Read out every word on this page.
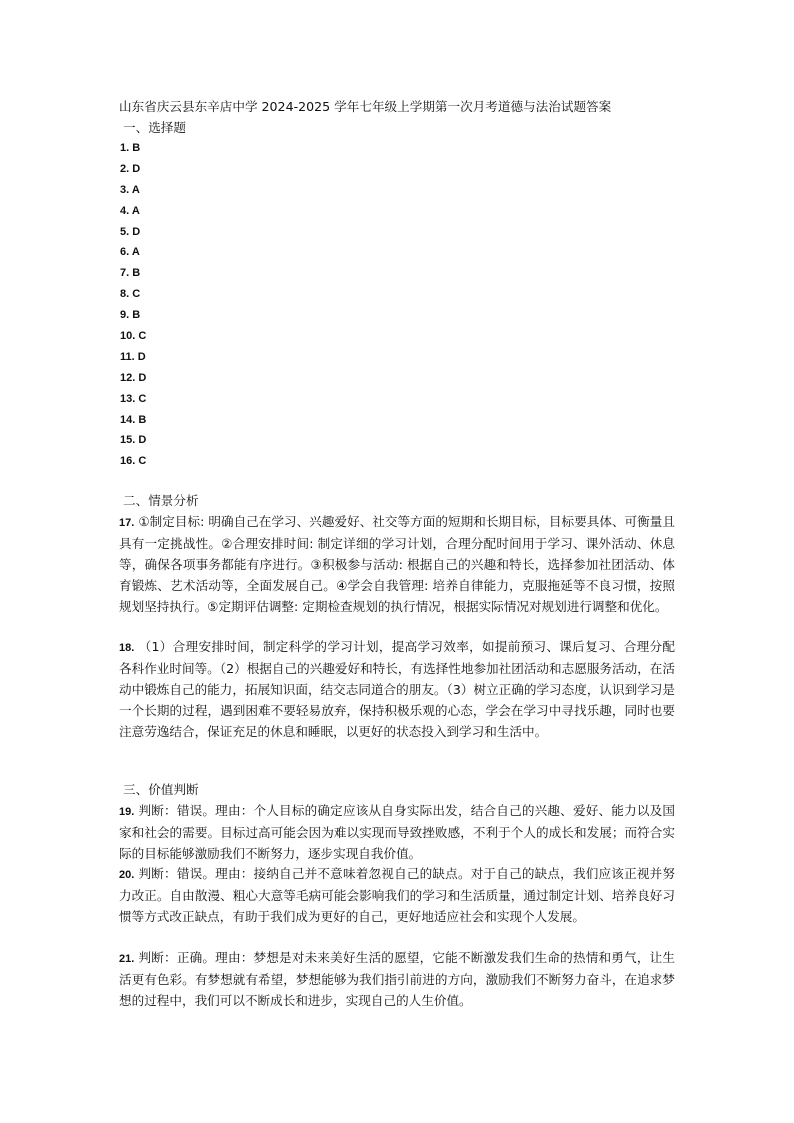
山东省庆云县东辛店中学 2024-2025 学年七年级上学期第一次月考道德与法治试题答案
一、选择题
1. B
2. D
3. A
4. A
5. D
6. A
7. B
8. C
9. B
10. C
11. D
12. D
13. C
14. B
15. D
16. C
二、情景分析
17. ①制定目标: 明确自己在学习、兴趣爱好、社交等方面的短期和长期目标，目标要具体、可衡量且具有一定挑战性。②合理安排时间: 制定详细的学习计划，合理分配时间用于学习、课外活动、休息等，确保各项事务都能有序进行。③积极参与活动: 根据自己的兴趣和特长，选择参加社团活动、体育锻炼、艺术活动等，全面发展自己。④学会自我管理: 培养自律能力，克服拖延等不良习惯，按照规划坚持执行。⑤定期评估调整: 定期检查规划的执行情况，根据实际情况对规划进行调整和优化。
18. （1）合理安排时间，制定科学的学习计划，提高学习效率，如提前预习、课后复习、合理分配各科作业时间等。（2）根据自己的兴趣爱好和特长，有选择性地参加社团活动和志愿服务活动，在活动中锻炼自己的能力，拓展知识面，结交志同道合的朋友。（3）树立正确的学习态度，认识到学习是一个长期的过程，遇到困难不要轻易放弃，保持积极乐观的心态，学会在学习中寻找乐趣，同时也要注意劳逸结合，保证充足的休息和睡眠，以更好的状态投入到学习和生活中。
三、价值判断
19. 判断：错误。理由：个人目标的确定应该从自身实际出发，结合自己的兴趣、爱好、能力以及国家和社会的需要。目标过高可能会因为难以实现而导致挫败感，不利于个人的成长和发展；而符合实际的目标能够激励我们不断努力，逐步实现自我价值。
20. 判断：错误。理由：接纳自己并不意味着忽视自己的缺点。对于自己的缺点，我们应该正视并努力改正。自由散漫、粗心大意等毛病可能会影响我们的学习和生活质量，通过制定计划、培养良好习惯等方式改正缺点，有助于我们成为更好的自己，更好地适应社会和实现个人发展。
21. 判断：正确。理由：梦想是对未来美好生活的愿望，它能不断激发我们生命的热情和勇气，让生活更有色彩。有梦想就有希望，梦想能够为我们指引前进的方向，激励我们不断努力奋斗，在追求梦想的过程中，我们可以不断成长和进步，实现自己的人生价值。
